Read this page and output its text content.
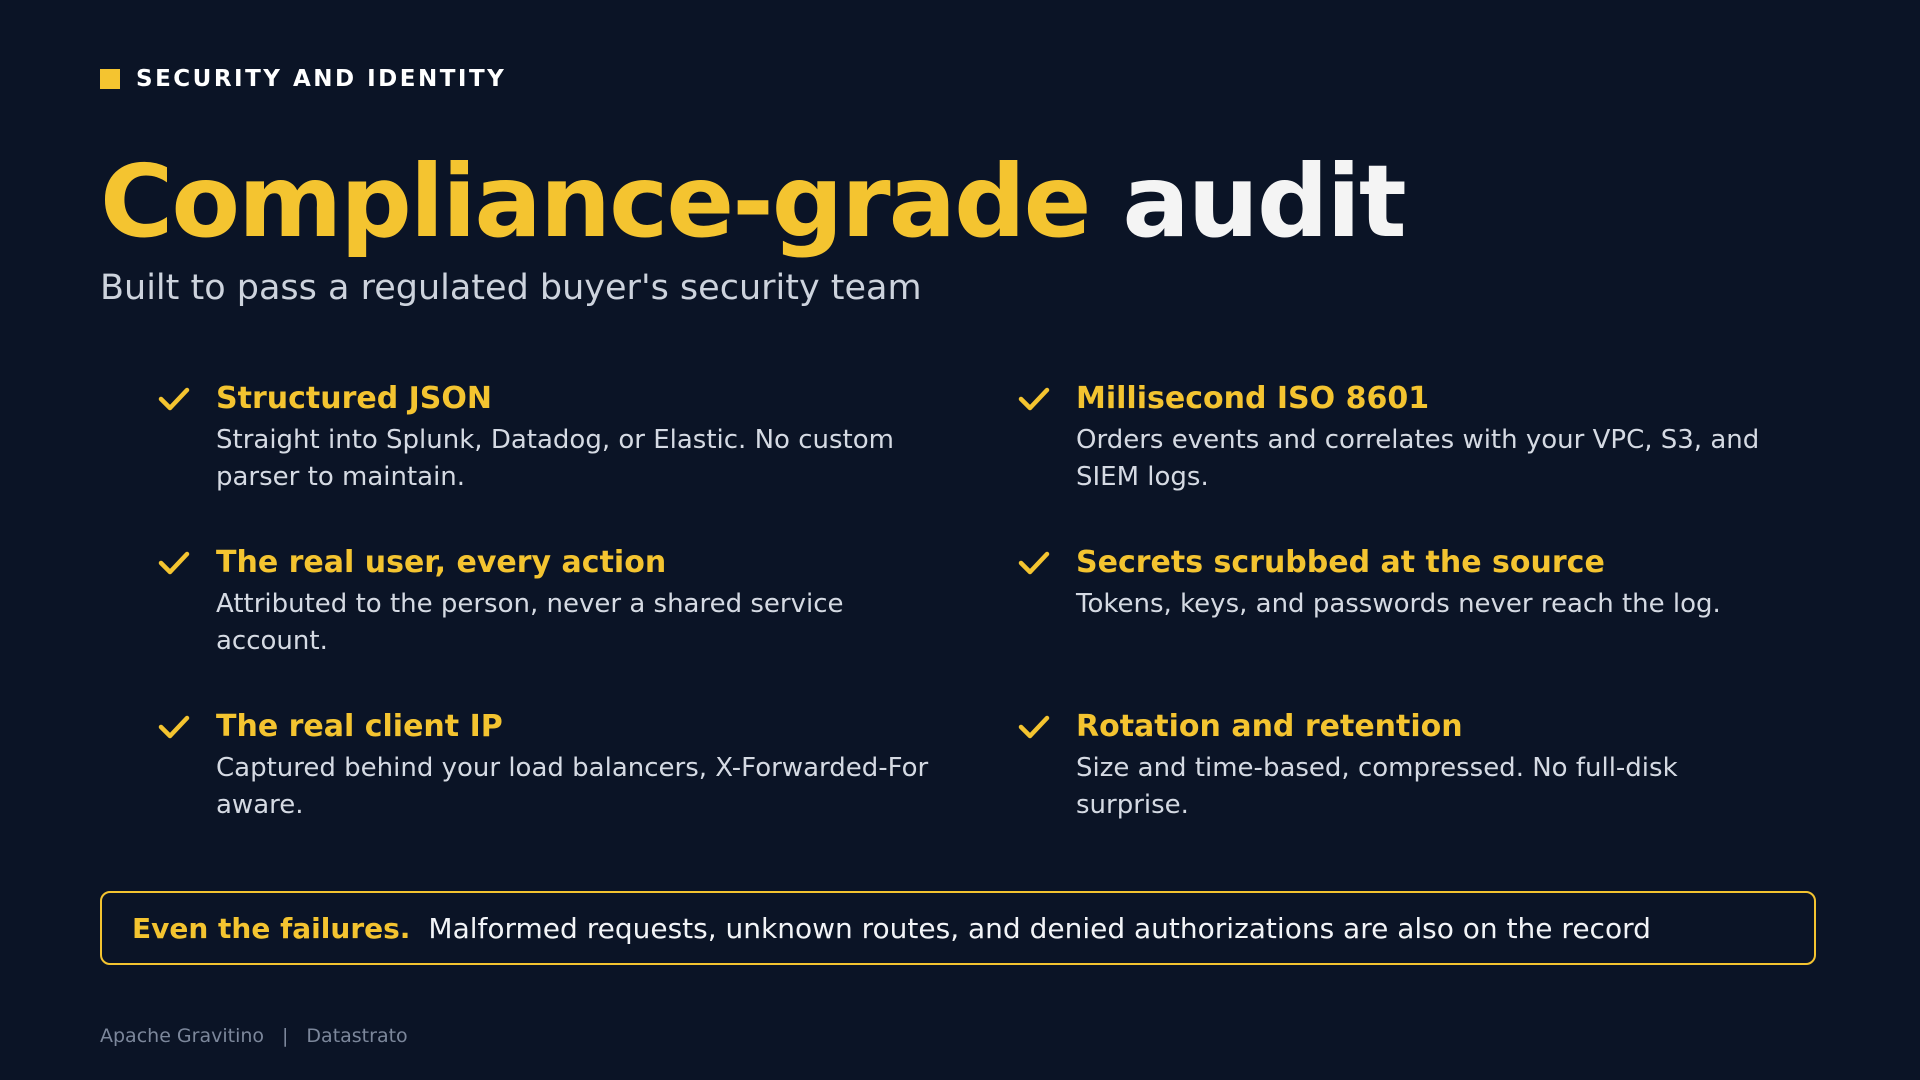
SECURITY AND IDENTITY
Compliance-grade audit
Built to pass a regulated buyer's security team
Structured JSON
Straight into Splunk, Datadog, or Elastic. No custom parser to maintain.
Millisecond ISO 8601
Orders events and correlates with your VPC, S3, and SIEM logs.
The real user, every action
Attributed to the person, never a shared service account.
Secrets scrubbed at the source
Tokens, keys, and passwords never reach the log.
The real client IP
Captured behind your load balancers, X-Forwarded-For aware.
Rotation and retention
Size and time-based, compressed. No full-disk surprise.
Even the failures. Malformed requests, unknown routes, and denied authorizations are also on the record
Apache Gravitino | Datastrato
